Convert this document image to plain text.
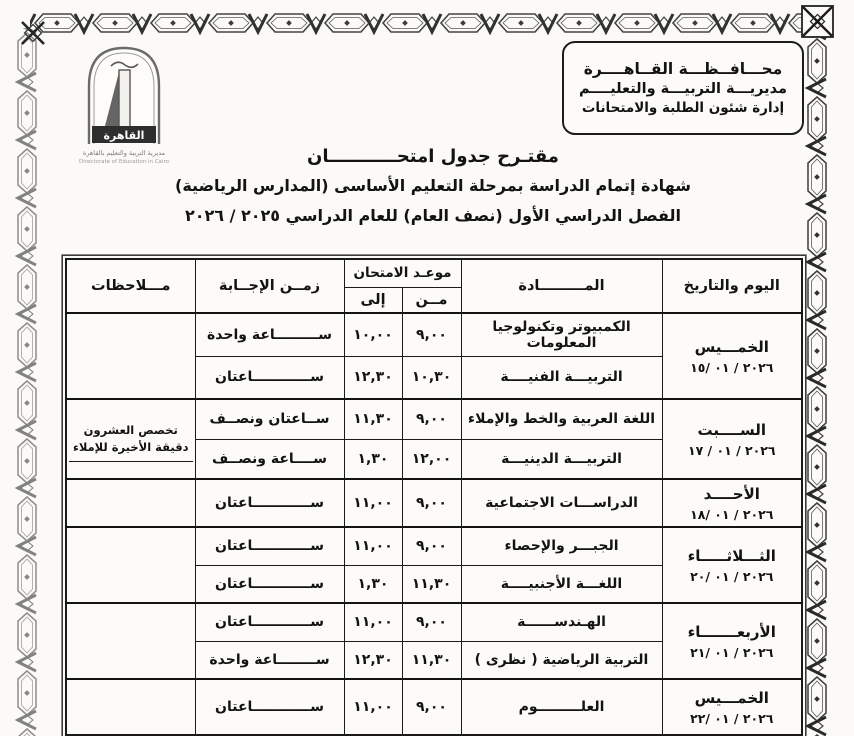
القاهرة
مديرية التربية والتعليم بالقاهرة
Directorate of Education in Cairo
محـــافــظـــة القــاهــــرة
مديريـــة التربيـــة والتعليــــم
إدارة شئون الطلبة والامتحانات
مقتـرح جدول امتحـــــــــــان
شهادة إتمام الدراسة بمرحلة التعليم الأساسى (المدارس الرياضية)
الفصل الدراسي الأول (نصف العام) للعام الدراسي ٢٠٢٥ ‏/ ٢٠٢٦
اليوم والتاريخ	المـــــــــادة	موعـد الامتحان		زمــن الإجــابة	مـــلاحظات
		مــن	إلى		

الخمـــيس
٢٠٢٦ / ٠١ /١٥	الكمبيوتر وتكنولوجيا المعلومات	٩,٠٠	١٠,٠٠	ســـــــــاعة واحدة	
	التربيـــة الفنيــــة	١٠,٣٠	١٢,٣٠	ســــــــــــاعتان	

الســــبت
٢٠٢٦ / ٠١ / ١٧	اللغة العربية والخط والإملاء	٩,٠٠	١١,٣٠	ســاعتان ونصــف	تخصص العشرون دقيقة الأخيرة للإملاء

	التربيـــة الدينيـــة	١٢,٠٠	١,٣٠	ســــاعة ونصــف	

الأحــــد
٢٠٢٦ / ٠١ /١٨	الدراســـات الاجتماعية	٩,٠٠	١١,٠٠	ســــــــــــاعتان	

الثـــلاثـــــاء
٢٠٢٦ / ٠١ /٢٠	الجبـــر والإحصاء	٩,٠٠	١١,٠٠	ســــــــــــاعتان	
	اللغـــة الأجنبيــــة	١١,٣٠	١,٣٠	ســــــــــــاعتان	

الأربعـــــــاء
٢٠٢٦ / ٠١ /٢١	الهـندســــــة	٩,٠٠	١١,٠٠	ســــــــــــاعتان	
	التربية الرياضية ( نظرى )	١١,٣٠	١٢,٣٠	ســــــــاعة واحدة	

الخمـــيس
٢٠٢٦ / ٠١ /٢٢	العلـــــــــوم	٩,٠٠	١١,٠٠	ســــــــــــاعتان	
